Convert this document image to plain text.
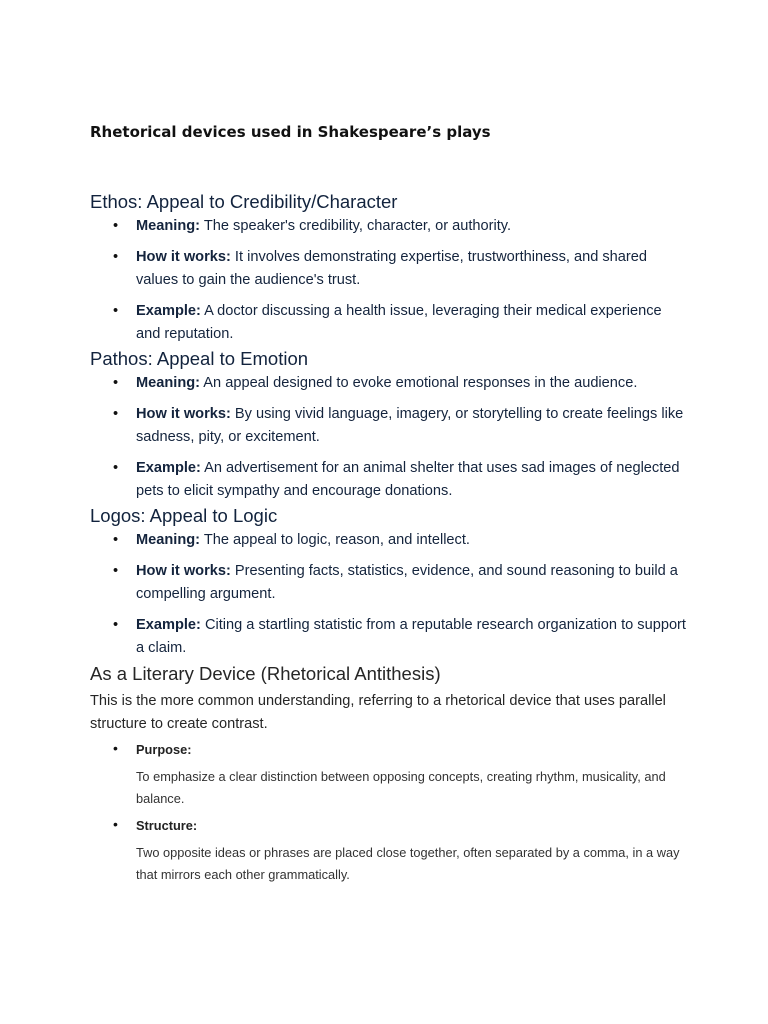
Rhetorical devices used in Shakespeare’s plays
Ethos: Appeal to Credibility/Character
• Meaning: The speaker's credibility, character, or authority.
• How it works: It involves demonstrating expertise, trustworthiness, and shared values to gain the audience's trust.
• Example: A doctor discussing a health issue, leveraging their medical experience and reputation.
Pathos: Appeal to Emotion
• Meaning: An appeal designed to evoke emotional responses in the audience.
• How it works: By using vivid language, imagery, or storytelling to create feelings like sadness, pity, or excitement.
• Example: An advertisement for an animal shelter that uses sad images of neglected pets to elicit sympathy and encourage donations.
Logos: Appeal to Logic
• Meaning: The appeal to logic, reason, and intellect.
• How it works: Presenting facts, statistics, evidence, and sound reasoning to build a compelling argument.
• Example: Citing a startling statistic from a reputable research organization to support a claim.
As a Literary Device (Rhetorical Antithesis)

This is the more common understanding, referring to a rhetorical device that uses parallel structure to create contrast.

• Purpose:
To emphasize a clear distinction between opposing concepts, creating rhythm, musicality, and balance.
• Structure:
Two opposite ideas or phrases are placed close together, often separated by a comma, in a way that mirrors each other grammatically.
